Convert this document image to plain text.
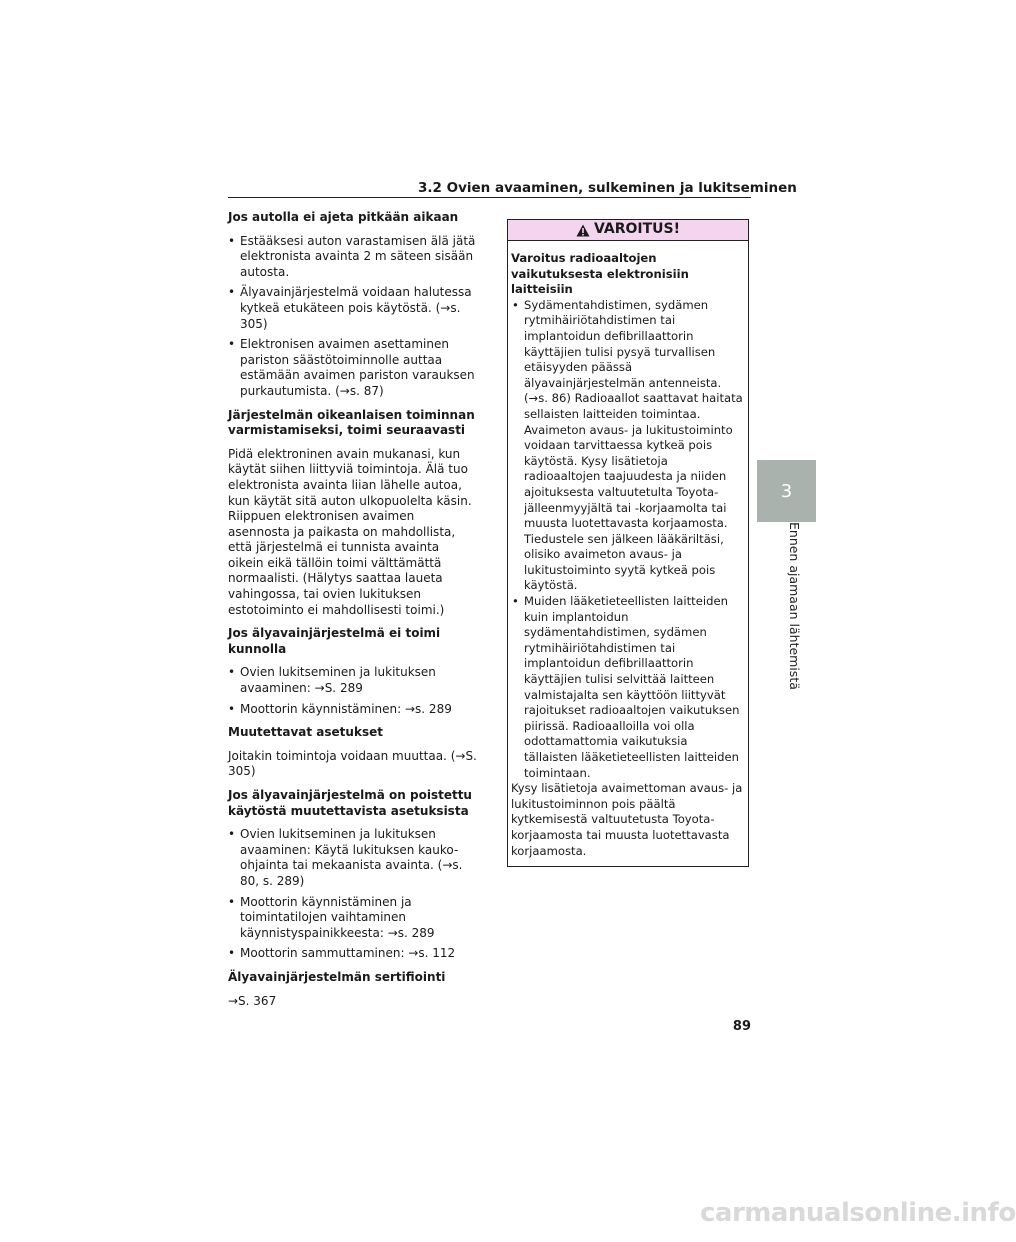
3.2 Ovien avaaminen, sulkeminen ja lukitseminen
Jos autolla ei ajeta pitkään aikaan
• Estääksesi auton varastamisen älä jätä elektronista avainta 2 m säteen sisään autosta.
• Älyavainjärjestelmä voidaan halutessa kytkeä etukäteen pois käytöstä. (→s. 305)
• Elektronisen avaimen asettaminen pariston säästötoiminnolle auttaa estämään avaimen pariston varauksen purkautumista. (→s. 87)
Järjestelmän oikeanlaisen toiminnan varmistamiseksi, toimi seuraavasti

Pidä elektroninen avain mukanasi, kun käytät siihen liittyviä toimintoja. Älä tuo elektronista avainta liian lähelle autoa, kun käytät sitä auton ulkopuolelta käsin. Riippuen elektronisen avaimen asennosta ja paikasta on mahdollista, että järjestelmä ei tunnista avainta oikein eikä tällöin toimi välttämättä normaalisti. (Hälytys saattaa laueta vahingossa, tai ovien lukituksen estotoiminto ei mahdollisesti toimi.)

Jos älyavainjärjestelmä ei toimi kunnolla
• Ovien lukitseminen ja lukituksen avaaminen: →S. 289
• Moottorin käynnistäminen: →s. 289
Muutettavat asetukset

Joitakin toimintoja voidaan muuttaa. (→S. 305)

Jos älyavainjärjestelmä on poistettu käytöstä muutettavista asetuksista
• Ovien lukitseminen ja lukituksen avaaminen: Käytä lukituksen kauko-ohjainta tai mekaanista avainta. (→s. 80, s. 289)
• Moottorin käynnistäminen ja toimintatilojen vaihtaminen käynnistyspainikkeesta: →s. 289
• Moottorin sammuttaminen: →s. 112
Älyavainjärjestelmän sertifiointi

→S. 367

VAROITUS!
Varoitus radioaaltojen vaikutuksesta elektronisiin laitteisiin
• Sydämentahdistimen, sydämen rytmihäiriötahdistimen tai implantoidun defibrillaattorin käyttäjien tulisi pysyä turvallisen etäisyyden päässä älyavainjärjestelmän antenneista. (→s. 86) Radioaallot saattavat haitata sellaisten laitteiden toimintaa. Avaimeton avaus- ja lukitustoiminto voidaan tarvittaessa kytkeä pois käytöstä. Kysy lisätietoja radioaaltojen taajuudesta ja niiden ajoituksesta valtuutetulta Toyota-jälleenmyyjältä tai -korjaamolta tai muusta luotettavasta korjaamosta. Tiedustele sen jälkeen lääkäriltäsi, olisiko avaimeton avaus- ja lukitustoiminto syytä kytkeä pois käytöstä.
• Muiden lääketieteellisten laitteiden kuin implantoidun sydämentahdistimen, sydämen rytmihäiriötahdistimen tai implantoidun defibrillaattorin käyttäjien tulisi selvittää laitteen valmistajalta sen käyttöön liittyvät rajoitukset radioaaltojen vaikutuksen piirissä. Radioaalloilla voi olla odottamattomia vaikutuksia tällaisten lääketieteellisten laitteiden toimintaan.

Kysy lisätietoja avaimettoman avaus- ja lukitustoiminnon pois päältä kytkemisestä valtuutetusta Toyota-korjaamosta tai muusta luotettavasta korjaamosta.

3
Ennen ajamaan lähtemistä
89
carmanualsonline.info
